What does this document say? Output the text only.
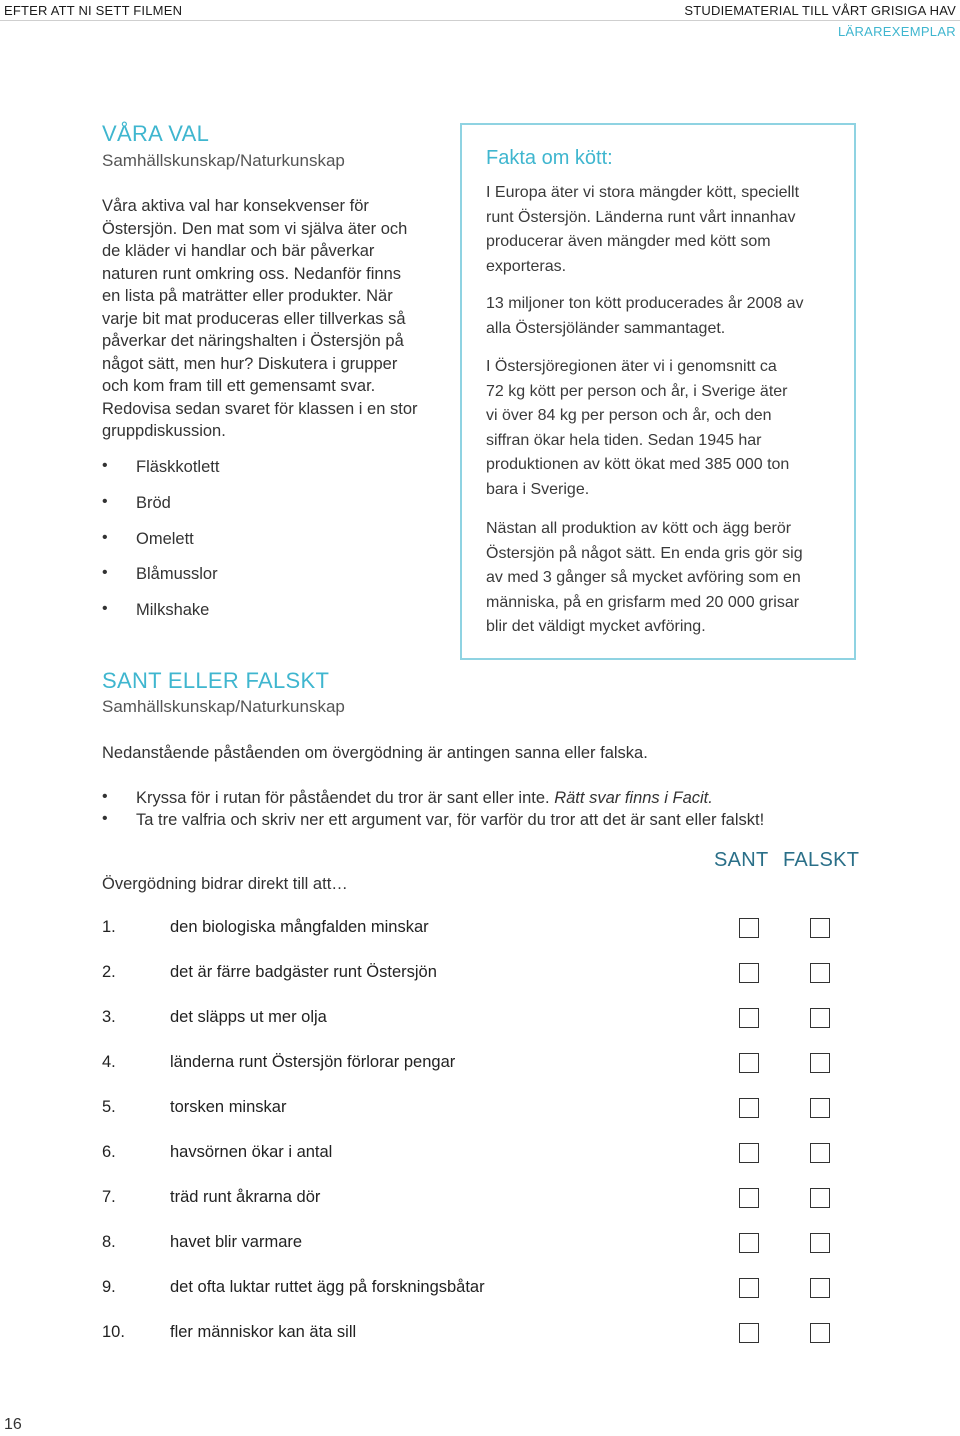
EFTER ATT NI SETT FILMEN	STUDIEMATERIAL TILL VÅRT GRISIGA HAV
LÄRAREXEMPLAR
VÅRA VAL
Samhällskunskap/Naturkunskap
Våra aktiva val har konsekvenser för
Östersjön. Den mat som vi själva äter och
de kläder vi handlar och bär påverkar
naturen runt omkring oss. Nedanför finns
en lista på maträtter eller produkter. När
varje bit mat produceras eller tillverkas så
påverkar det näringshalten i Östersjön på
något sätt, men hur? Diskutera i grupper
och kom fram till ett gemensamt svar.
Redovisa sedan svaret för klassen i en stor
gruppdiskussion.
• Fläskkotlett
• Bröd
• Omelett
• Blåmusslor
• Milkshake
Fakta om kött:
I Europa äter vi stora mängder kött, speciellt
runt Östersjön. Länderna runt vårt innanhav
producerar även mängder med kött som
exporteras.
13 miljoner ton kött producerades år 2008 av
alla Östersjöländer sammantaget.
I Östersjöregionen äter vi i genomsnitt ca
72 kg kött per person och år, i Sverige äter
vi över 84 kg per person och år, och den
siffran ökar hela tiden. Sedan 1945 har
produktionen av kött ökat med 385 000 ton
bara i Sverige.
Nästan all produktion av kött och ägg berör
Östersjön på något sätt. En enda gris gör sig
av med 3 gånger så mycket avföring som en
människa, på en grisfarm med 20 000 grisar
blir det väldigt mycket avföring.
SANT ELLER FALSKT
Samhällskunskap/Naturkunskap
Nedanstående påståenden om övergödning är antingen sanna eller falska.
• Kryssa för i rutan för påståendet du tror är sant eller inte. Rätt svar finns i Facit.
• Ta tre valfria och skriv ner ett argument var, för varför du tror att det är sant eller falskt!
SANT FALSKT
Övergödning bidrar direkt till att…
1.	den biologiska mångfalden minskar
2.	det är färre badgäster runt Östersjön
3.	det släpps ut mer olja
4.	länderna runt Östersjön förlorar pengar
5.	torsken minskar
6.	havsörnen ökar i antal
7.	träd runt åkrarna dör
8.	havet blir varmare
9.	det ofta luktar ruttet ägg på forskningsbåtar
10.	fler människor kan äta sill
16
